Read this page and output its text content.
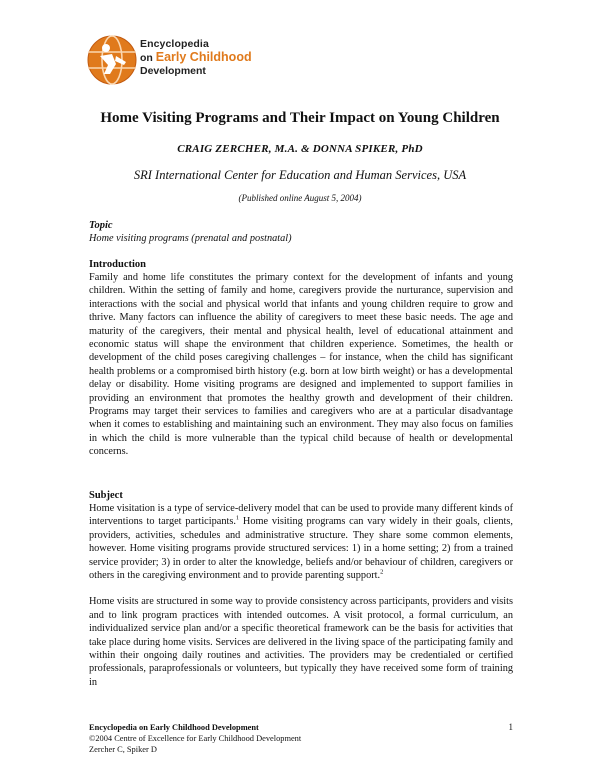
Encyclopedia
on Early Childhood
Development
Home Visiting Programs and Their Impact on Young Children
CRAIG ZERCHER, M.A. & DONNA SPIKER, PhD
SRI International Center for Education and Human Services, USA
(Published online August 5, 2004)
Topic
Home visiting programs (prenatal and postnatal)
Introduction
Family and home life constitutes the primary context for the development of infants and young children. Within the setting of family and home, caregivers provide the nurturance, supervision and interactions with the social and physical world that infants and young children require to grow and thrive. Many factors can influence the ability of caregivers to meet these basic needs. The age and maturity of the caregivers, their mental and physical health, level of educational attainment and economic status will shape the environment that children experience. Sometimes, the health or development of the child poses caregiving challenges – for instance, when the child has significant health problems or a compromised birth history (e.g. born at low birth weight) or has a developmental delay or disability. Home visiting programs are designed and implemented to support families in providing an environment that promotes the healthy growth and development of their children. Programs may target their services to families and caregivers who are at a particular disadvantage when it comes to establishing and maintaining such an environment. They may also focus on families in which the child is more vulnerable than the typical child because of health or developmental concerns.
Subject
Home visitation is a type of service-delivery model that can be used to provide many different kinds of interventions to target participants.$^1$ Home visiting programs can vary widely in their goals, clients, providers, activities, schedules and administrative structure. They share some common elements, however. Home visiting programs provide structured services: 1) in a home setting; 2) from a trained service provider; 3) in order to alter the knowledge, beliefs and/or behaviour of children, caregivers or others in the caregiving environment and to provide parenting support.$^2$
Home visits are structured in some way to provide consistency across participants, providers and visits and to link program practices with intended outcomes. A visit protocol, a formal curriculum, an individualized service plan and/or a specific theoretical framework can be the basis for activities that take place during home visits. Services are delivered in the living space of the participating family and within their ongoing daily routines and activities. The providers may be credentialed or certified professionals, paraprofessionals or volunteers, but typically they have received some form of training in
Encyclopedia on Early Childhood Development
©2004 Centre of Excellence for Early Childhood Development
Zercher C, Spiker D
1
